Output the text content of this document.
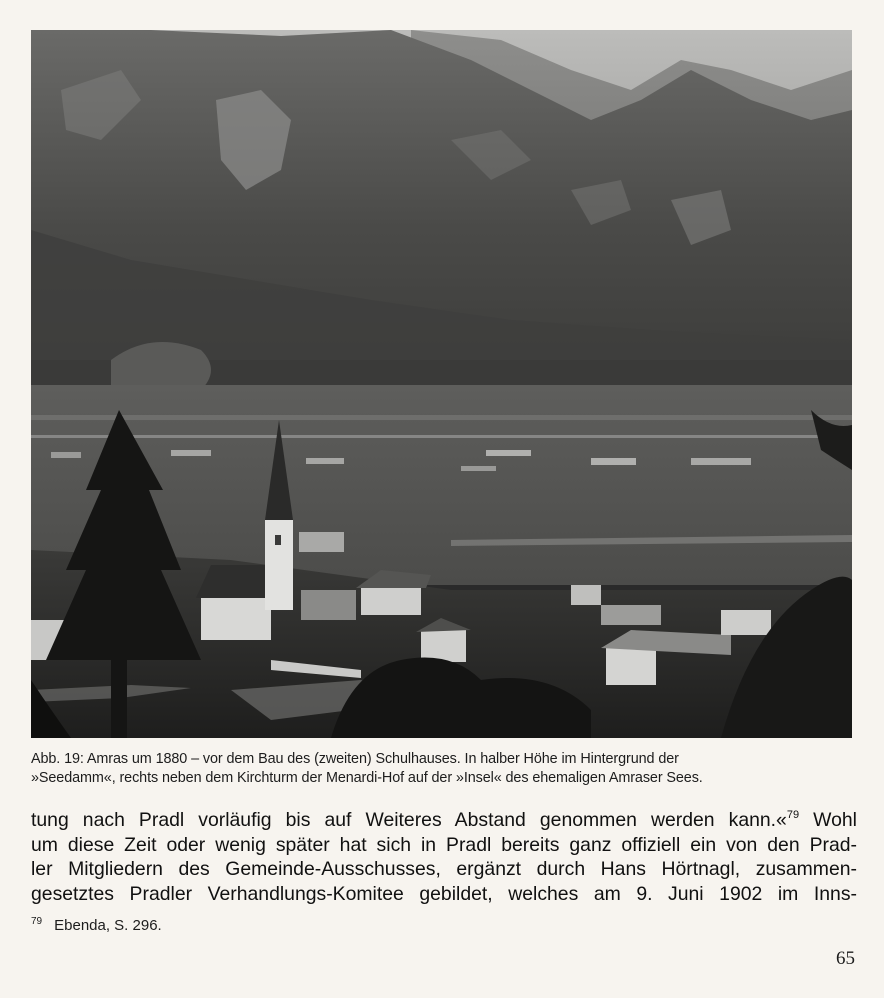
Abb. 19: Amras um 1880 – vor dem Bau des (zweiten) Schulhauses. In halber Höhe im Hintergrund der
»Seedamm«, rechts neben dem Kirchturm der Menardi-Hof auf der »Insel« des ehemaligen Amraser Sees.
tung nach Pradl vorläufig bis auf Weiteres Abstand genommen werden kann.«$^{79}$ Wohl
um diese Zeit oder wenig später hat sich in Pradl bereits ganz offiziell ein von den Prad-
ler Mitgliedern des Gemeinde-Ausschusses, ergänzt durch Hans Hörtnagl, zusammen-
gesetztes Pradler Verhandlungs-Komitee gebildet, welches am 9. Juni 1902 im Inns-
$^{79}$ Ebenda, S. 296.
65
